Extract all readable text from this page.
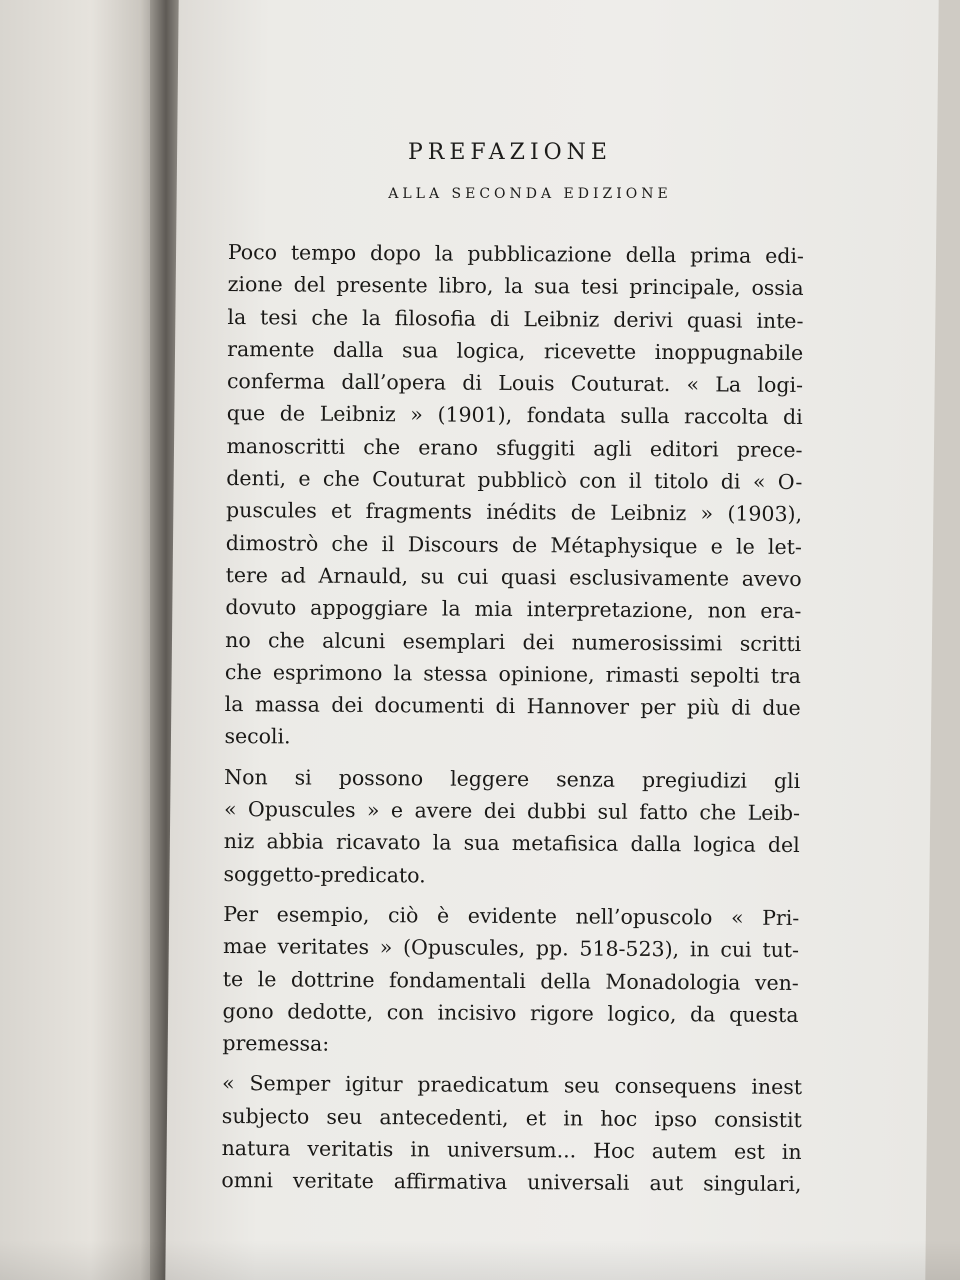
PREFAZIONE
ALLA SECONDA EDIZIONE
Poco tempo dopo la pubblicazione della prima edi-
zione del presente libro, la sua tesi principale, ossia
la tesi che la filosofia di Leibniz derivi quasi inte-
ramente dalla sua logica, ricevette inoppugnabile
conferma dall’opera di Louis Couturat. « La logi-
que de Leibniz » (1901), fondata sulla raccolta di
manoscritti che erano sfuggiti agli editori prece-
denti, e che Couturat pubblicò con il titolo di « O-
puscules et fragments inédits de Leibniz » (1903),
dimostrò che il Discours de Métaphysique e le let-
tere ad Arnauld, su cui quasi esclusivamente avevo
dovuto appoggiare la mia interpretazione, non era-
no che alcuni esemplari dei numerosissimi scritti
che esprimono la stessa opinione, rimasti sepolti tra
la massa dei documenti di Hannover per più di due
secoli.
Non si possono leggere senza pregiudizi gli
« Opuscules » e avere dei dubbi sul fatto che Leib-
niz abbia ricavato la sua metafisica dalla logica del
soggetto-predicato.
Per esempio, ciò è evidente nell’opuscolo « Pri-
mae veritates » (Opuscules, pp. 518-523), in cui tut-
te le dottrine fondamentali della Monadologia ven-
gono dedotte, con incisivo rigore logico, da questa
premessa:
« Semper igitur praedicatum seu consequens inest
subjecto seu antecedenti, et in hoc ipso consistit
natura veritatis in universum... Hoc autem est in
omni veritate affirmativa universali aut singulari,
